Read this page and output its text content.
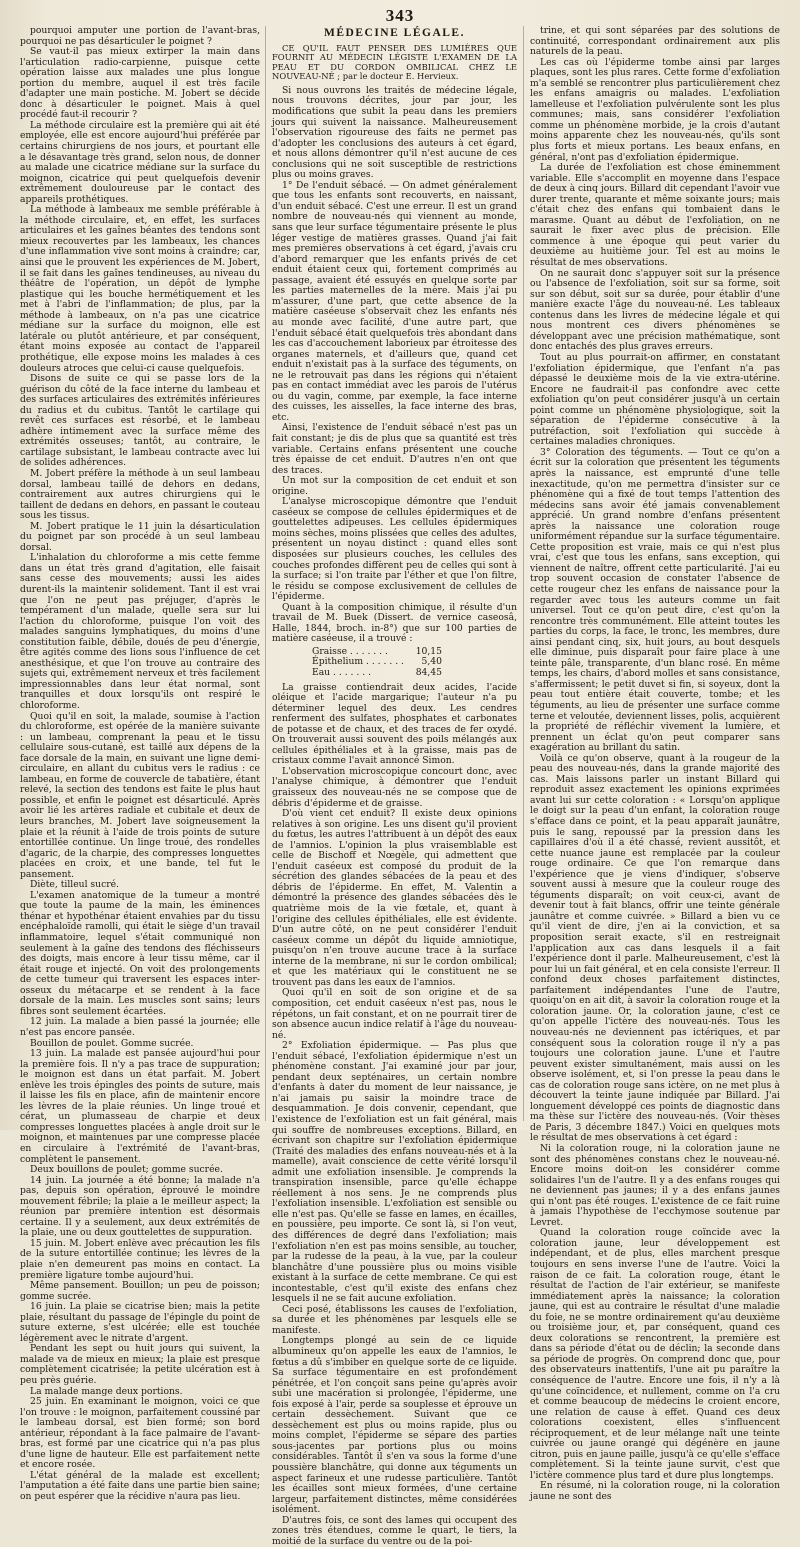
343

pourquoi amputer une portion de l'avant-bras, pourquoi ne pas désarticuler le poignet ?

Se vaut-il pas mieux extirper la main dans l'articulation radio-carpienne, puisque cette opération laisse aux malades une plus longue portion du membre, auquel il est très facile d'adapter une main postiche. M. Jobert se décide donc à désarticuler le poignet. Mais à quel procédé faut-il recourir ?

La méthode circulaire est la première qui ait été employée, elle est encore aujourd'hui préférée par certains chirurgiens de nos jours, et pourtant elle a le désavantage très grand, selon nous, de donner au malade une cicatrice médiane sur la surface du moignon, cicatrice qui peut quelquefois devenir extrêmement douloureuse par le contact des appareils prothétiques.

La méthode à lambeaux me semble préférable à la méthode circulaire, et, en effet, les surfaces articulaires et les gaînes béantes des tendons sont mieux recouvertes par les lambeaux, les chances d'une inflammation vive sont moins à craindre; car, ainsi que le prouvent les expériences de M. Jobert, il se fait dans les gaînes tendineuses, au niveau du théâtre de l'opération, un dépôt de lymphe plastique qui les bouche hermétiquement et les met à l'abri de l'inflammation; de plus, par la méthode à lambeaux, on n'a pas une cicatrice médiane sur la surface du moignon, elle est latérale ou plutôt antérieure, et par conséquent, étant moins exposée au contact de l'appareil prothétique, elle expose moins les malades à ces douleurs atroces que celui-ci cause quelquefois.

Disons de suite ce qui se passe lors de la guérison du côté de la face interne du lambeau et des surfaces articulaires des extrémités inférieures du radius et du cubitus. Tantôt le cartilage qui revêt ces surfaces est résorbé, et le lambeau adhère intimement avec la surface même des extrémités osseuses; tantôt, au contraire, le cartilage subsistant, le lambeau contracte avec lui de solides adhérences.

M. Jobert préfère la méthode à un seul lambeau dorsal, lambeau taillé de dehors en dedans, contrairement aux autres chirurgiens qui le taillent de dedans en dehors, en passant le couteau sous les tissus.

M. Jobert pratique le 11 juin la désarticulation du poignet par son procédé à un seul lambeau dorsal.

L'inhalation du chloroforme a mis cette femme dans un état très grand d'agitation, elle faisait sans cesse des mouvements; aussi les aides durent-ils la maintenir solidement. Tant il est vrai que l'on ne peut pas préjuger, d'après le tempérament d'un malade, quelle sera sur lui l'action du chloroforme, puisque l'on voit des malades sanguins lymphatiques, du moins d'une constitution faible, débile, doués de peu d'énergie, être agités comme des lions sous l'influence de cet anesthésique, et que l'on trouve au contraire des sujets qui, extrêmement nerveux et très facilement impressionnables dans leur état normal, sont tranquilles et doux lorsqu'ils ont respiré le chloroforme.

Quoi qu'il en soit, la malade, soumise à l'action du chloroforme, est opérée de la manière suivante : un lambeau, comprenant la peau et le tissu cellulaire sous-cutané, est taillé aux dépens de la face dorsale de la main, en suivant une ligne demi-circulaire, en allant du cubitus vers le radius : ce lambeau, en forme de couvercle de tabatière, étant relevé, la section des tendons est faite le plus haut possible, et enfin le poignet est désarticulé. Après avoir lié les artères radiale et cubitale et deux de leurs branches, M. Jobert lave soigneusement la plaie et la réunit à l'aide de trois points de suture entortillée continue. Un linge troué, des rondelles d'agaric, de la charpie, des compresses longuettes placées en croix, et une bande, tel fut le pansement.

Diète, tilleul sucré.

L'examen anatomique de la tumeur a montré que toute la paume de la main, les éminences thénar et hypothénar étaient envahies par du tissu encéphaloïde ramolli, qui était le siège d'un travail inflammatoire, lequel s'était communiqué non seulement à la gaîne des tendons des fléchisseurs des doigts, mais encore à leur tissu même, car il était rouge et injecté. On voit des prolongements de cette tumeur qui traversent les espaces inter-osseux du métacarpe et se rendent à la face dorsale de la main. Les muscles sont sains; leurs fibres sont seulement écartées.

12 juin. La malade a bien passé la journée; elle n'est pas encore pansée.

Bouillon de poulet. Gomme sucrée.

13 juin. La malade est pansée aujourd'hui pour la première fois. Il n'y a pas trace de suppuration; le moignon est dans un état parfait. M. Jobert enlève les trois épingles des points de suture, mais il laisse les fils en place, afin de maintenir encore les lèvres de la plaie réunies. Un linge troué et cérat, un plumasseau de charpie et deux compresses longuettes placées à angle droit sur le moignon, et maintenues par une compresse placée en circulaire à l'extrémité de l'avant-bras, complètent le pansement.

Deux bouillons de poulet; gomme sucrée.

14 juin. La journée a été bonne; la malade n'a pas, depuis son opération, éprouvé le moindre mouvement fébrile; la plaie a le meilleur aspect; la réunion par première intention est désormais certaine. Il y a seulement, aux deux extrémités de la plaie, une ou deux gouttelettes de suppuration.

15 juin. M. Jobert enlève avec précaution les fils de la suture entortillée continue; les lèvres de la plaie n'en demeurent pas moins en contact. La première ligature tombe aujourd'hui.

Même pansement. Bouillon; un peu de poisson; gomme sucrée.

16 juin. La plaie se cicatrise bien; mais la petite plaie, résultant du passage de l'épingle du point de suture externe, s'est ulcérée; elle est touchée légèrement avec le nitrate d'argent.

Pendant les sept ou huit jours qui suivent, la malade va de mieux en mieux; la plaie est presque complètement cicatrisée; la petite ulcération est à peu près guérie.

La malade mange deux portions.

25 juin. En examinant le moignon, voici ce que l'on trouve : le moignon, parfaitement coussiné par le lambeau dorsal, est bien formé; son bord antérieur, répondant à la face palmaire de l'avant-bras, est formé par une cicatrice qui n'a pas plus d'une ligne de hauteur. Elle est parfaitement nette et encore rosée.

L'état général de la malade est excellent; l'amputation a été faite dans une partie bien saine; on peut espérer que la récidive n'aura pas lieu.

MÉDECINE LÉGALE.
CE QU'IL FAUT PENSER DES LUMIÈRES QUE FOURNIT AU MÉDECIN LÉGISTE L'EXAMEN DE LA PEAU ET DU CORDON OMBILICAL CHEZ LE NOUVEAU-NÉ ; par le docteur E. Hervieux.

Si nous ouvrons les traités de médecine légale, nous trouvons décrites, jour par jour, les modifications que subit la peau dans les premiers jours qui suivent la naissance. Malheureusement l'observation rigoureuse des faits ne permet pas d'adopter les conclusions des auteurs à cet égard, et nous allons démontrer qu'il n'est aucune de ces conclusions qui ne soit susceptible de restrictions plus ou moins graves.

1° De l'enduit sébacé. — On admet généralement que tous les enfants sont recouverts, en naissant, d'un enduit sébacé. C'est une erreur. Il est un grand nombre de nouveau-nés qui viennent au monde, sans que leur surface tégumentaire présente le plus léger vestige de matières grasses. Quand j'ai fait mes premières observations à cet égard, j'avais cru d'abord remarquer que les enfants privés de cet enduit étaient ceux qui, fortement comprimés au passage, avaient été essuyés en quelque sorte par les parties maternelles de la mère. Mais j'ai pu m'assurer, d'une part, que cette absence de la matière caséeuse s'observait chez les enfants nés au monde avec facilité, d'une autre part, que l'enduit sébacé était quelquefois très abondant dans les cas d'accouchement laborieux par étroitesse des organes maternels, et d'ailleurs que, quand cet enduit n'existait pas à la surface des téguments, on ne le retrouvait pas dans les régions qui n'étaient pas en contact immédiat avec les parois de l'utérus ou du vagin, comme, par exemple, la face interne des cuisses, les aisselles, la face interne des bras, etc.

Ainsi, l'existence de l'enduit sébacé n'est pas un fait constant; je dis de plus que sa quantité est très variable. Certains enfans présentent une couche très épaisse de cet enduit. D'autres n'en ont que des traces.

Un mot sur la composition de cet enduit et son origine.

L'analyse microscopique démontre que l'enduit caséeux se compose de cellules épidermiques et de gouttelettes adipeuses. Les cellules épidermiques moins sèches, moins plissées que celles des adultes, présentent un noyau distinct : quand elles sont disposées sur plusieurs couches, les cellules des couches profondes diffèrent peu de celles qui sont à la surface; si l'on traite par l'éther et que l'on filtre, le résidu se compose exclusivement de cellules de l'épiderme.

Quant à la composition chimique, il résulte d'un travail de M. Buek (Dissert. de vernice caseosâ, Halle, 1844, broch. in-8°) que sur 100 parties de matière caséeuse, il a trouvé :

Graisse . . . . . . .	10,15
Épithelium . . . . . . . 5,40
Eau . . . . . . .	84,45

La graisse contiendrait deux acides, l'acide oléique et l'acide margarique; l'auteur n'a pu déterminer lequel des deux. Les cendres renferment des sulfates, phosphates et carbonates de potasse et de chaux, et des traces de fer oxydé. On trouverait aussi souvent des poils mélangés aux cellules épithéliales et à la graisse, mais pas de cristaux comme l'avait annoncé Simon.

L'observation microscopique concourt donc, avec l'analyse chimique, à démontrer que l'enduit graisseux des nouveau-nés ne se compose que de débris d'épiderme et de graisse.

D'où vient cet enduit? Il existe deux opinions relatives à son origine. Les uns disent qu'il provient du fœtus, les autres l'attribuent à un dépôt des eaux de l'amnios. L'opinion la plus vraisemblable est celle de Bischoff et Nœgèle, qui admettent que l'enduit caséeux est composé du produit de la sécrétion des glandes sébacées de la peau et des débris de l'épiderme. En effet, M. Valentin a démontré la présence des glandes sébacées dès le quatrième mois de la vie fœtale, et, quant à l'origine des cellules épithéliales, elle est évidente. D'un autre côté, on ne peut considérer l'enduit caséeux comme un dépôt du liquide amniotique, puisqu'on n'en trouve aucune trace à la surface interne de la membrane, ni sur le cordon ombilical; et que les matériaux qui le constituent ne se trouvent pas dans les eaux de l'amnios.

Quoi qu'il en soit de son origine et de sa composition, cet enduit caséeux n'est pas, nous le répétons, un fait constant, et on ne pourrait tirer de son absence aucun indice relatif à l'âge du nouveau-né.

2° Exfoliation épidermique. — Pas plus que l'enduit sébacé, l'exfoliation épidermique n'est un phénomène constant. J'ai examiné jour par jour, pendant deux septénaires, un certain nombre d'enfants à dater du moment de leur naissance, je n'ai jamais pu saisir la moindre trace de desquammation. Je dois convenir, cependant, que l'existence de l'exfoliation est un fait général, mais qui souffre de nombreuses exceptions. Billard, en écrivant son chapitre sur l'exfoliation épidermique (Traité des maladies des enfans nouveau-nés et à la mamelle), avait conscience de cette vérité lorsqu'il admit une exfoliation insensible. Je comprends la transpiration insensible, parce qu'elle échappe réellement à nos sens. Je ne comprends plus l'exfoliation insensible. L'exfoliation est sensible ou elle n'est pas. Qu'elle se fasse en lames, en écailles, en poussière, peu importe. Ce sont là, si l'on veut, des différences de degré dans l'exfoliation; mais l'exfoliation n'en est pas moins sensible, au toucher, par la rudesse de la peau, à la vue, par la couleur blanchâtre d'une poussière plus ou moins visible existant à la surface de cette membrane. Ce qui est incontestable, c'est qu'il existe des enfans chez lesquels il ne se fait aucune exfoliation.

Ceci posé, établissons les causes de l'exfoliation, sa durée et les phénomènes par lesquels elle se manifeste.

Longtemps plongé au sein de ce liquide albumineux qu'on appelle les eaux de l'amnios, le fœtus a dû s'imbiber en quelque sorte de ce liquide. Sa surface tégumentaire en est profondément pénétrée, et l'on conçoit sans peine qu'après avoir subi une macération si prolongée, l'épiderme, une fois exposé à l'air, perde sa souplesse et éprouve un certain dessèchement. Suivant que ce dessèchement est plus ou moins rapide, plus ou moins complet, l'épiderme se sépare des parties sous-jacentes par portions plus ou moins considérables. Tantôt il s'en va sous la forme d'une poussière blanchâtre, qui donne aux téguments un aspect farineux et une rudesse particulière. Tantôt les écailles sont mieux formées, d'une certaine largeur, parfaitement distinctes, même considérées isolément.

D'autres fois, ce sont des lames qui occupent des zones très étendues, comme le quart, le tiers, la moitié de la surface du ventre ou de la poi-

trine, et qui sont séparées par des solutions de continuité, correspondant ordinairement aux plis naturels de la peau.

Les cas où l'épiderme tombe ainsi par larges plaques, sont les plus rares. Cette forme d'exfoliation m'a semblé se rencontrer plus particulièrement chez les enfans amaigris ou malades. L'exfoliation lamelleuse et l'exfoliation pulvérulente sont les plus communes; mais, sans considérer l'exfoliation comme un phénomène morbide, je la crois d'autant moins apparente chez les nouveau-nés, qu'ils sont plus forts et mieux portans. Les beaux enfans, en général, n'ont pas d'exfoliation épidermique.

La durée de l'exfoliation est chose éminemment variable. Elle s'accomplit en moyenne dans l'espace de deux à cinq jours. Billard dit cependant l'avoir vue durer trente, quarante et même soixante jours; mais c'était chez des enfans qui tombaient dans le marasme. Quant au début de l'exfoliation, on ne saurait le fixer avec plus de précision. Elle commence à une époque qui peut varier du deuxième au huitième jour. Tel est au moins le résultat de mes observations.

On ne saurait donc s'appuyer soit sur la présence ou l'absence de l'exfoliation, soit sur sa forme, soit sur son début, soit sur sa durée, pour établir d'une manière exacte l'âge du nouveau-né. Les tableaux contenus dans les livres de médecine légale et qui nous montrent ces divers phénomènes se développant avec une précision mathématique, sont donc entachés des plus graves erreurs.

Tout au plus pourrait-on affirmer, en constatant l'exfoliation épidermique, que l'enfant n'a pas dépassé le deuxième mois de la vie extra-utérine. Encore ne faudrait-il pas confondre avec cette exfoliation qu'on peut considérer jusqu'à un certain point comme un phénomène physiologique, soit la séparation de l'épiderme consécutive à la putréfaction, soit l'exfoliation qui succède à certaines maladies chroniques.

3° Coloration des téguments. — Tout ce qu'on a écrit sur la coloration que présentent les téguments après la naissance, est emprunté d'une telle inexactitude, qu'on me permettra d'insister sur ce phénomène qui a fixé de tout temps l'attention des médecins sans avoir été jamais convenablement apprécié. Un grand nombre d'enfans présentent après la naissance une coloration rouge uniformément répandue sur la surface tégumentaire. Cette proposition est vraie, mais ce qui n'est plus vrai, c'est que tous les enfans, sans exception, qui viennent de naître, offrent cette particularité. J'ai eu trop souvent occasion de constater l'absence de cette rougeur chez les enfans de naissance pour la regarder avec tous les auteurs comme un fait universel. Tout ce qu'on peut dire, c'est qu'on la rencontre très communément. Elle atteint toutes les parties du corps, la face, le tronc, les membres, dure ainsi pendant cinq, six, huit jours, au bout desquels elle diminue, puis disparaît pour faire place à une teinte pâle, transparente, d'un blanc rosé. En même temps, les chairs, d'abord molles et sans consistance, s'affermissent; le petit duvet si fin, si soyeux, dont la peau tout entière était couverte, tombe; et les téguments, au lieu de présenter une surface comme terne et veloutée, deviennent lisses, polis, acquièrent la propriété de réfléchir vivement la lumière, et prennent un éclat qu'on peut comparer sans exagération au brillant du satin.

Voilà ce qu'on observe, quant à la rougeur de la peau des nouveau-nés, dans la grande majorité des cas. Mais laissons parler un instant Billard qui reproduit assez exactement les opinions exprimées avant lui sur cette coloration : « Lorsqu'on applique le doigt sur la peau d'un enfant, la coloration rouge s'efface dans ce point, et la peau apparaît jaunâtre, puis le sang, repoussé par la pression dans les capillaires d'où il a été chassé, revient aussitôt, et cette nuance jaune est remplacée par la couleur rouge ordinaire. Ce que l'on remarque dans l'expérience que je viens d'indiquer, s'observe souvent aussi à mesure que la couleur rouge des téguments disparaît; on voit ceux-ci, avant de devenir tout à fait blancs, offrir une teinte générale jaunâtre et comme cuivrée. » Billard a bien vu ce qu'il vient de dire, j'en ai la conviction, et sa proposition serait exacte, s'il en restreignait l'application aux cas dans lesquels il a fait l'expérience dont il parle. Malheureusement, c'est là pour lui un fait général, et en cela consiste l'erreur. Il confond deux choses parfaitement distinctes, parfaitement indépendantes l'une de l'autre, quoiqu'on en ait dit, à savoir la coloration rouge et la coloration jaune. Or, la coloration jaune, c'est ce qu'on appelle l'ictère des nouveau-nés. Tous les nouveau-nés ne deviennent pas ictériques, et par conséquent sous la coloration rouge il n'y a pas toujours une coloration jaune. L'une et l'autre peuvent exister simultanément, mais aussi on les observe isolément, et, si l'on presse la peau dans le cas de coloration rouge sans ictère, on ne met plus à découvert la teinte jaune indiquée par Billard. J'ai longuement développé ces points de diagnostic dans ma thèse sur l'ictère des nouveau-nés. (Voir thèses de Paris, 3 décembre 1847.) Voici en quelques mots le résultat de mes observations à cet égard :

Ni la coloration rouge, ni la coloration jaune ne sont des phénomènes constans chez le nouveau-né. Encore moins doit-on les considérer comme solidaires l'un de l'autre. Il y a des enfans rouges qui ne deviennent pas jaunes; il y a des enfans jaunes qui n'ont pas été rouges. L'existence de ce fait ruine à jamais l'hypothèse de l'ecchymose soutenue par Levret.

Quand la coloration rouge coïncide avec la coloration jaune, leur développement est indépendant, et de plus, elles marchent presque toujours en sens inverse l'une de l'autre. Voici la raison de ce fait. La coloration rouge, étant le résultat de l'action de l'air extérieur, se manifeste immédiatement après la naissance; la coloration jaune, qui est au contraire le résultat d'une maladie du foie, ne se montre ordinairement qu'au deuxième ou troisième jour, et, par conséquent, quand ces deux colorations se rencontrent, la première est dans sa période d'état ou de déclin; la seconde dans sa période de progrès. On comprend donc que, pour des observateurs inattentifs, l'une ait pu paraître la conséquence de l'autre. Encore une fois, il n'y a là qu'une coïncidence, et nullement, comme on l'a cru et comme beaucoup de médecins le croient encore, une relation de cause à effet. Quand ces deux colorations coexistent, elles s'influencent réciproquement, et de leur mélange naît une teinte cuivrée ou jaune orangé qui dégénère en jaune citron, puis en jaune paille, jusqu'à ce qu'elle s'efface complètement. Si la teinte jaune survit, c'est que l'ictère commence plus tard et dure plus longtemps.

En résumé, ni la coloration rouge, ni la coloration jaune ne sont des
